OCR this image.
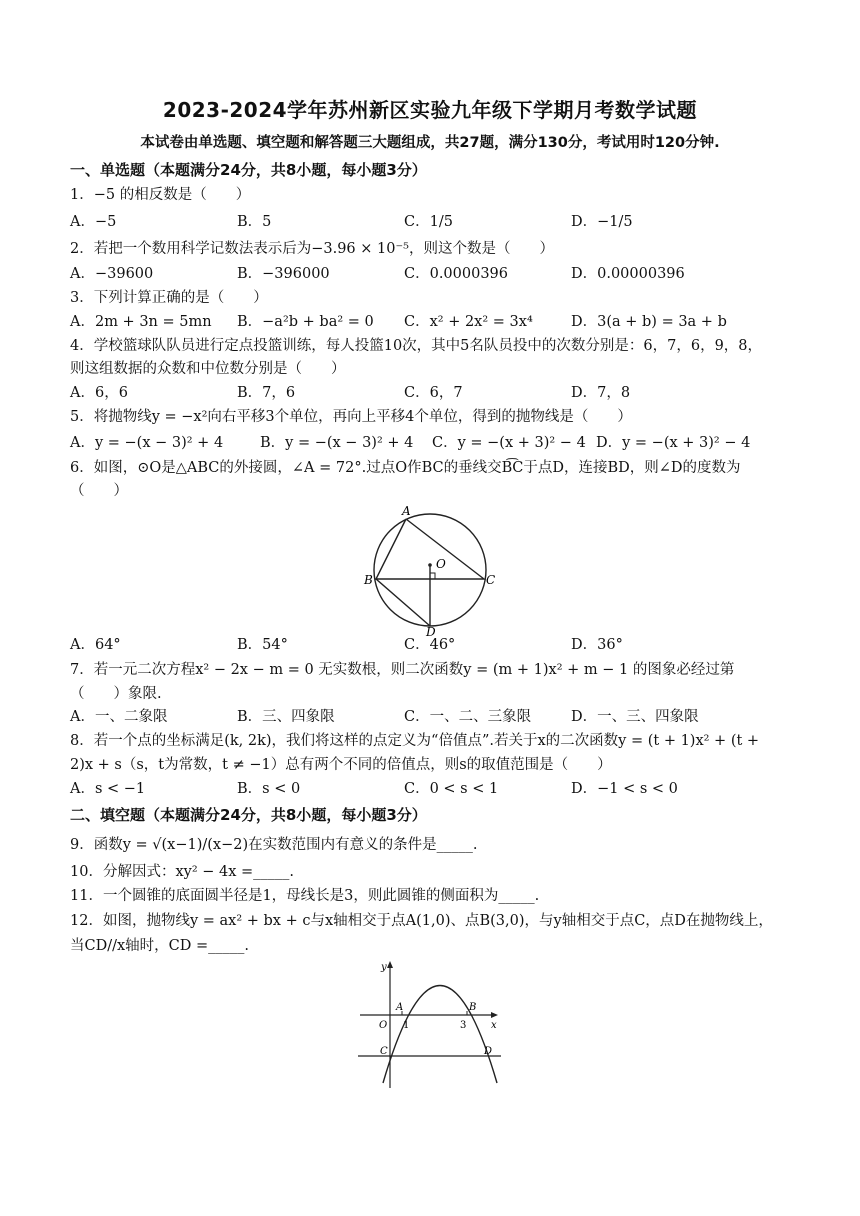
2023-2024学年苏州新区实验九年级下学期月考数学试题
本试卷由单选题、填空题和解答题三大题组成，共27题，满分130分，考试用时120分钟.
一、单选题（本题满分24分，共8小题，每小题3分）
1．−5 的相反数是（　　）
A．−5	B．5	C．1/5	D．−1/5
2．若把一个数用科学记数法表示后为−3.96 × 10⁻⁵，则这个数是（　　）
A．−39600	B．−396000	C．0.0000396	D．0.00000396
3．下列计算正确的是（　　）
A．2m + 3n = 5mn B．−a²b + ba² = 0 C．x² + 2x² = 3x⁴	D．3(a + b) = 3a + b
4．学校篮球队队员进行定点投篮训练，每人投篮10次，其中5名队员投中的次数分别是：6，7，6，9，8，
则这组数据的众数和中位数分别是（　　）
A．6，6	B．7，6	C．6，7	D．7，8
5．将抛物线y = −x²向右平移3个单位，再向上平移4个单位，得到的抛物线是（　　）
A．y = −(x − 3)² + 4	B．y = −(x − 3)² + 4 C．y = −(x + 3)² − 4 D．y = −(x + 3)² − 4
6．如图，⊙O是△ABC的外接圆，∠A = 72°.过点O作BC的垂线交B͡C于点D，连接BD，则∠D的度数为
（　　）
A
B	C
O
D
A．64°	B．54°	C．46°	D．36°
7．若一元二次方程x² − 2x − m = 0 无实数根，则二次函数y = (m + 1)x² + m − 1 的图象必经过第
（　　）象限.
A．一、二象限	B．三、四象限	C．一、二、三象限	D．一、三、四象限
8．若一个点的坐标满足(k, 2k)，我们将这样的点定义为“倍值点”.若关于x的二次函数y = (t + 1)x² + (t +
2)x + s（s，t为常数，t ≠ −1）总有两个不同的倍值点，则s的取值范围是（　　）
A．s < −1	B．s < 0	C．0 < s < 1	D．−1 < s < 0
二、填空题（本题满分24分，共8小题，每小题3分）
9．函数y = √(x−1)/(x−2)在实数范围内有意义的条件是_____.
10．分解因式：xy² − 4x =_____.
11．一个圆锥的底面圆半径是1，母线长是3，则此圆锥的侧面积为_____.
12．如图，抛物线y = ax² + bx + c与x轴相交于点A(1,0)、点B(3,0)，与y轴相交于点C，点D在抛物线上，
当CD//x轴时，CD =_____.
y
x
O
A	B
C	D
1	3
